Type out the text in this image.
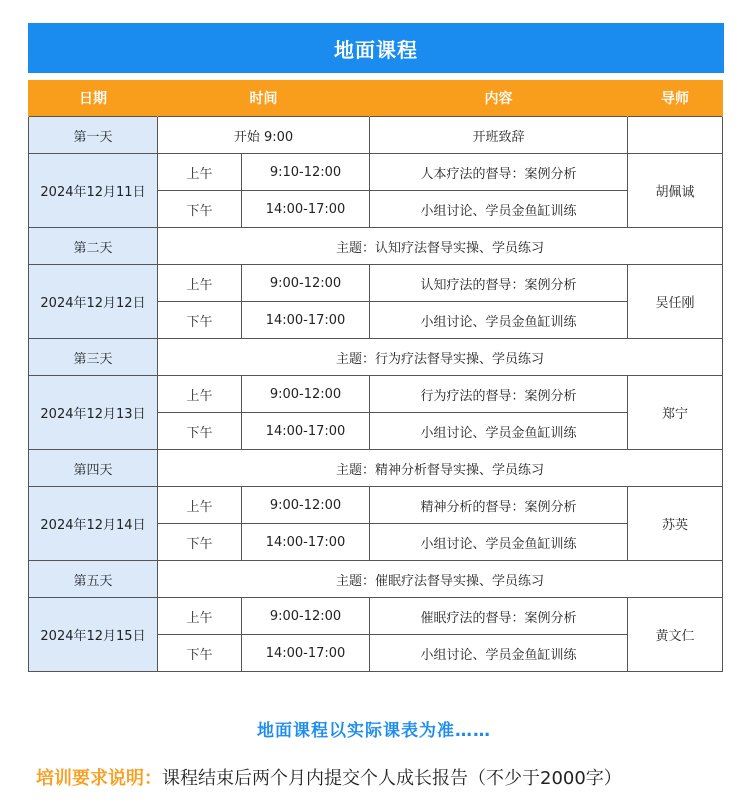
地面课程
日期	时间		内容	导师
第一天	开始 9:00		开班致辞	
2024年12月11日	上午	9:10-12:00	人本疗法的督导：案例分析	胡佩诚
	下午	14:00-17:00	小组讨论、学员金鱼缸训练	
第二天	主题：认知疗法督导实操、学员练习			
2024年12月12日	上午	9:00-12:00	认知疗法的督导：案例分析	吴任刚
	下午	14:00-17:00	小组讨论、学员金鱼缸训练	
第三天	主题：行为疗法督导实操、学员练习			
2024年12月13日	上午	9:00-12:00	行为疗法的督导：案例分析	郑宁
	下午	14:00-17:00	小组讨论、学员金鱼缸训练	
第四天	主题：精神分析督导实操、学员练习			
2024年12月14日	上午	9:00-12:00	精神分析的督导：案例分析	苏英
	下午	14:00-17:00	小组讨论、学员金鱼缸训练	
第五天	主题：催眠疗法督导实操、学员练习			
2024年12月15日	上午	9:00-12:00	催眠疗法的督导：案例分析	黄文仁
	下午	14:00-17:00	小组讨论、学员金鱼缸训练	
地面课程以实际课表为准……
培训要求说明：课程结束后两个月内提交个人成长报告（不少于2000字）
